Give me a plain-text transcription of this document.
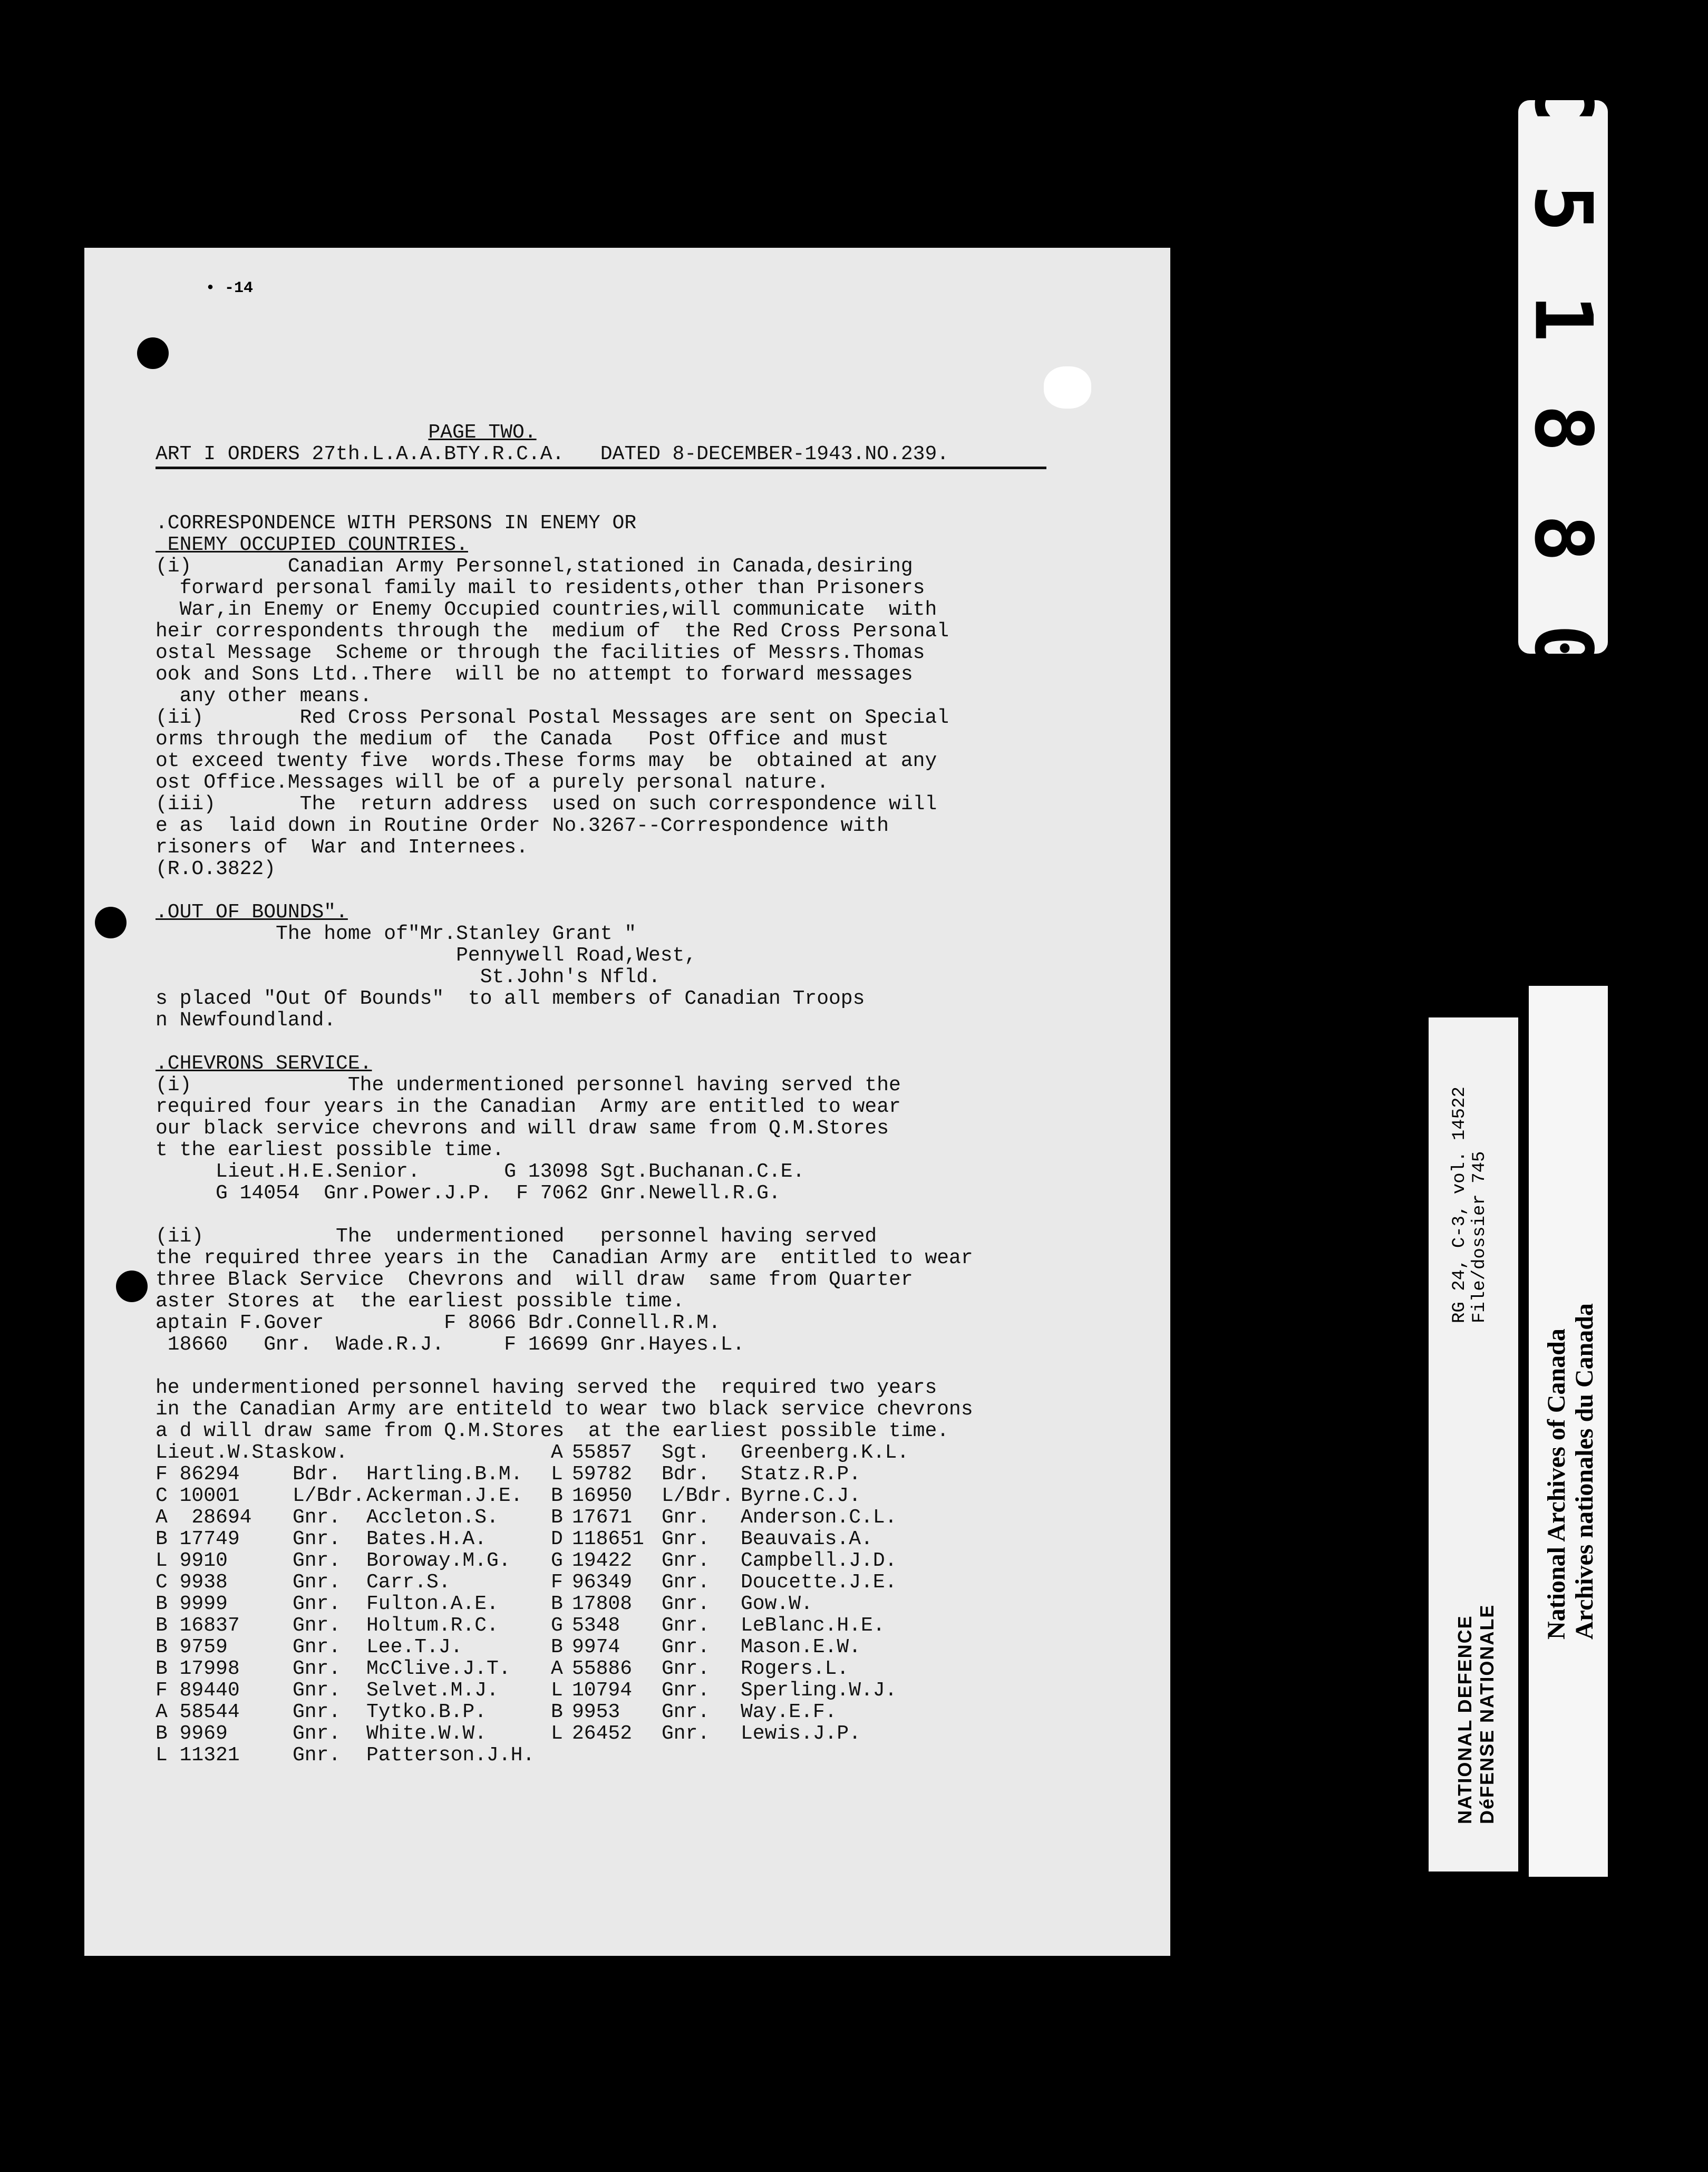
• -14
PAGE TWO.
ART I ORDERS 27th.L.A.A.BTY.R.C.A.   DATED 8-DECEMBER-1943.NO.239.
.CORRESPONDENCE WITH PERSONS IN ENEMY OR
ENEMY OCCUPIED COUNTRIES.
(i)        Canadian Army Personnel,stationed in Canada,desiring
forward personal family mail to residents,other than Prisoners
War,in Enemy or Enemy Occupied countries,will communicate  with
heir correspondents through the  medium of  the Red Cross Personal
ostal Message  Scheme or through the facilities of Messrs.Thomas
ook and Sons Ltd..There  will be no attempt to forward messages
any other means.
(ii)        Red Cross Personal Postal Messages are sent on Special
orms through the medium of  the Canada   Post Office and must
ot exceed twenty five  words.These forms may  be  obtained at any
ost Office.Messages will be of a purely personal nature.
(iii)       The  return address  used on such correspondence will
e as  laid down in Routine Order No.3267--Correspondence with
risoners of  War and Internees.
(R.O.3822)
.OUT OF BOUNDS".
The home of"Mr.Stanley Grant "
Pennywell Road,West,
St.John's Nfld.
s placed "Out Of Bounds"  to all members of Canadian Troops
n Newfoundland.
.CHEVRONS SERVICE.
(i)             The undermentioned personnel having served the
required four years in the Canadian  Army are entitled to wear
our black service chevrons and will draw same from Q.M.Stores
t the earliest possible time.
Lieut.H.E.Senior.       G 13098 Sgt.Buchanan.C.E.
G 14054  Gnr.Power.J.P.  F 7062 Gnr.Newell.R.G.
(ii)           The  undermentioned   personnel having served
the required three years in the  Canadian Army are  entitled to wear
three Black Service  Chevrons and  will draw  same from Quarter
aster Stores at  the earliest possible time.
aptain F.Gover          F 8066 Bdr.Connell.R.M.
18660   Gnr.  Wade.R.J.     F 16699 Gnr.Hayes.L.
he undermentioned personnel having served the  required two years
in the Canadian Army are entiteld to wear two black service chevrons
a d will draw same from Q.M.Stores  at the earliest possible time.
Lieut.W.Staskow.	A 55857	Sgt.	Greenberg.K.L.
F 86294	Bdr.	Hartling.B.M.	L 59782	Bdr.	Statz.R.P.
C 10001	L/Bdr. Ackerman.J.E.	B 16950	L/Bdr. Byrne.C.J.
A  28694	Gnr.	Accleton.S.	B 17671	Gnr.	Anderson.C.L.
B 17749	Gnr.	Bates.H.A.	D 118651 Gnr.	Beauvais.A.
L 9910	Gnr.	Boroway.M.G.	G 19422	Gnr.	Campbell.J.D.
C 9938	Gnr.	Carr.S.	F 96349	Gnr.	Doucette.J.E.
B 9999	Gnr.	Fulton.A.E.	B 17808	Gnr.	Gow.W.
B 16837	Gnr.	Holtum.R.C.	G 5348	Gnr.	LeBlanc.H.E.
B 9759	Gnr.	Lee.T.J.	B 9974	Gnr.	Mason.E.W.
B 17998	Gnr.	McClive.J.T.	A 55886	Gnr.	Rogers.L.
F 89440	Gnr.	Selvet.M.J.	L 10794	Gnr.	Sperling.W.J.
A 58544	Gnr.	Tytko.B.P.	B 9953	Gnr.	Way.E.F.
B 9969	Gnr.	White.W.W.	L 26452	Gnr.	Lewis.J.P.
L 11321	Gnr.	Patterson.J.H.
C 5 1 8 8 0
NATIONAL DEFENCE DéFENSE NATIONALE
RG 24, C-3, vol. 14522 File/dossier 745
National Archives of Canada Archives nationales du Canada
